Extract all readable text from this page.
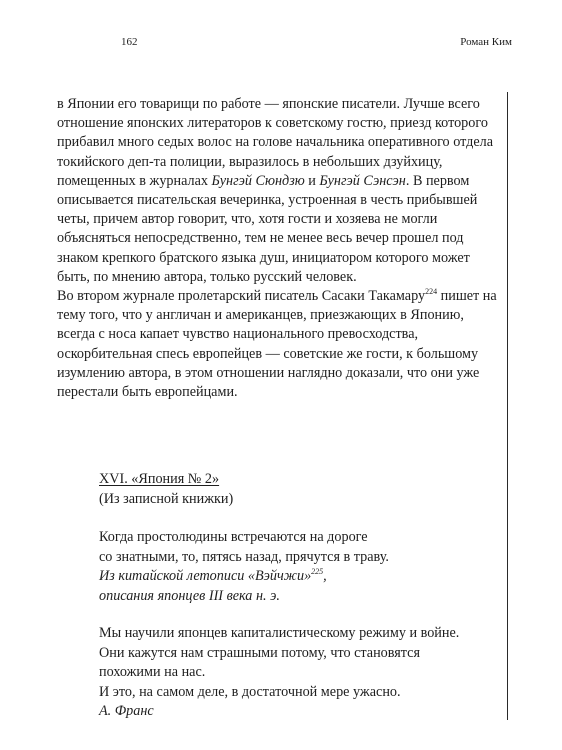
162	Роман Ким

в Японии его товарищи по работе — японские писатели. Лучше всего отношение японских литераторов к советскому гостю, приезд которого прибавил много седых волос на голове начальника оперативного отдела токийского деп-та полиции, выразилось в небольших дзуйхицу, помещенных в журналах Бунгэй Сюндзю и Бунгэй Сэнсэн. В первом описывается писательская вечеринка, устроенная в честь прибывшей четы, причем автор говорит, что, хотя гости и хозяева не могли объясняться непосредственно, тем не менее весь вечер прошел под знаком крепкого братского языка душ, инициатором которого может быть, по мнению автора, только русский человек.

Во втором журнале пролетарский писатель Сасаки Такамару$^{224}$ пишет на тему того, что у англичан и американцев, приезжающих в Японию, всегда с носа капает чувство национального превосходства, оскорбительная спесь европейцев — советские же гости, к большому изумлению автора, в этом отношении наглядно доказали, что они уже перестали быть европейцами.

XVI. «Япония № 2»
(Из записной книжки)
Когда простолюдины встречаются на дороге
со знатными, то, пятясь назад, прячутся в траву.
Из китайской летописи «Вэйчжи»$^{225}$,
описания японцев III века н. э.
Мы научили японцев капиталистическому режиму и войне.
Они кажутся нам страшными потому, что становятся
похожими на нас.
И это, на самом деле, в достаточной мере ужасно.
А. Франс
